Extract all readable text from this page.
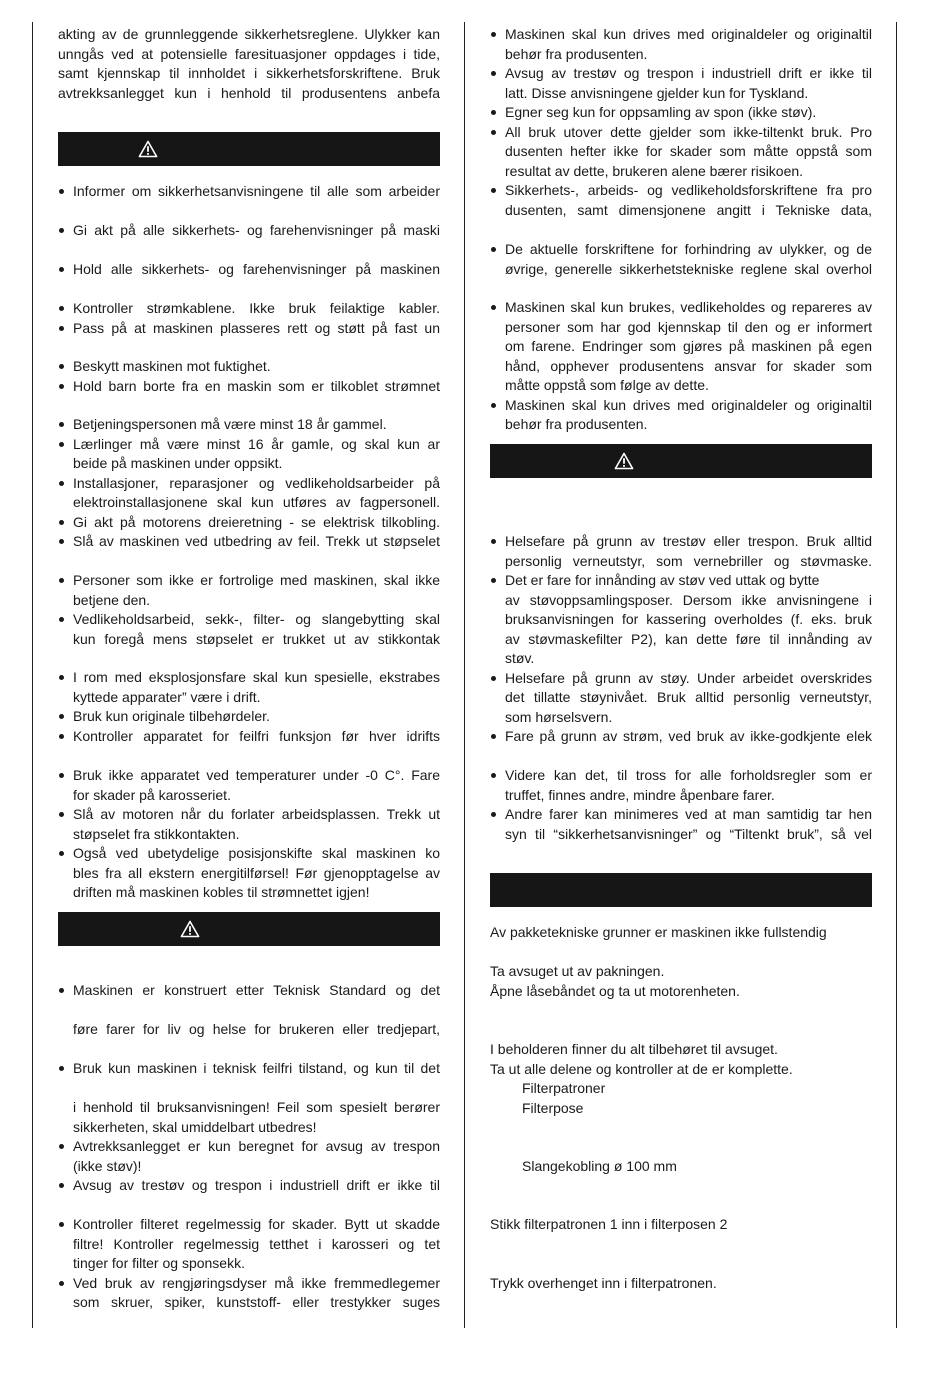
akting av de grunnleggende sikkerhetsreglene. Ulykker kan
unngås ved at potensielle faresituasjoner oppdages i tide,
samt kjennskap til innholdet i sikkerhetsforskriftene. Bruk
avtrekksanlegget kun i henhold til produsentens anbefa
Informer om sikkerhetsanvisningene til alle som arbeider
Gi akt på alle sikkerhets- og farehenvisninger på maski
Hold alle sikkerhets- og farehenvisninger på maskinen
Kontroller strømkablene. Ikke bruk feilaktige kabler.
Pass på at maskinen plasseres rett og støtt på fast un
Beskytt maskinen mot fuktighet.
Hold barn borte fra en maskin som er tilkoblet strømnet
Betjeningspersonen må være minst 18 år gammel.
Lærlinger må være minst 16 år gamle, og skal kun ar
beide på maskinen under oppsikt.
Installasjoner, reparasjoner og vedlikeholdsarbeider på
elektroinstallasjonene skal kun utføres av fagpersonell.
Gi akt på motorens dreieretning - se elektrisk tilkobling.
Slå av maskinen ved utbedring av feil. Trekk ut støpselet
Personer som ikke er fortrolige med maskinen, skal ikke
betjene den.
Vedlikeholdsarbeid, sekk-, filter- og slangebytting skal
kun foregå mens støpselet er trukket ut av stikkontak
I rom med eksplosjonsfare skal kun spesielle, ekstrabes
kyttede apparater” være i drift.
Bruk kun originale tilbehørdeler.
Kontroller apparatet for feilfri funksjon før hver idrifts
Bruk ikke apparatet ved temperaturer under -0 C°. Fare
for skader på karosseriet.
Slå av motoren når du forlater arbeidsplassen. Trekk ut
støpselet fra stikkontakten.
Også ved ubetydelige posisjonskifte skal maskinen ko
bles fra all ekstern energitilførsel! Før gjenopptagelse av
driften må maskinen kobles til strømnettet igjen!
Maskinen er konstruert etter Teknisk Standard og det
føre farer for liv og helse for brukeren eller tredjepart,
Bruk kun maskinen i teknisk feilfri tilstand, og kun til det
i henhold til bruksanvisningen! Feil som spesielt berører
sikkerheten, skal umiddelbart utbedres!
Avtrekksanlegget er kun beregnet for avsug av trespon
(ikke støv)!
Avsug av trestøv og trespon i industriell drift er ikke til
Kontroller filteret regelmessig for skader. Bytt ut skadde
filtre! Kontroller regelmessig tetthet i karosseri og tet
tinger for filter og sponsekk.
Ved bruk av rengjøringsdyser må ikke fremmedlegemer
som skruer, spiker, kunststoff- eller trestykker suges
Maskinen skal kun drives med originaldeler og originaltil
behør fra produsenten.
Avsug av trestøv og trespon i industriell drift er ikke til
latt. Disse anvisningene gjelder kun for Tyskland.
Egner seg kun for oppsamling av spon (ikke støv).
All bruk utover dette gjelder som ikke-tiltenkt bruk. Pro
dusenten hefter ikke for skader som måtte oppstå som
resultat av dette, brukeren alene bærer risikoen.
Sikkerhets-, arbeids- og vedlikeholdsforskriftene fra pro
dusenten, samt dimensjonene angitt i Tekniske data,
De aktuelle forskriftene for forhindring av ulykker, og de
øvrige, generelle sikkerhetstekniske reglene skal overhol
Maskinen skal kun brukes, vedlikeholdes og repareres av
personer som har god kjennskap til den og er informert
om farene. Endringer som gjøres på maskinen på egen
hånd, opphever produsentens ansvar for skader som
måtte oppstå som følge av dette.
Maskinen skal kun drives med originaldeler og originaltil
behør fra produsenten.
Helsefare på grunn av trestøv eller trespon. Bruk alltid
personlig verneutstyr, som vernebriller og støvmaske.
Det er fare for innånding av støv ved uttak og bytte
av støvoppsamlingsposer. Dersom ikke anvisningene i
bruksanvisningen for kassering overholdes (f. eks. bruk
av støvmaskefilter P2), kan dette føre til innånding av
støv.
Helsefare på grunn av støy. Under arbeidet overskrides
det tillatte støynivået. Bruk alltid personlig verneutstyr,
som hørselsvern.
Fare på grunn av strøm, ved bruk av ikke-godkjente elek
Videre kan det, til tross for alle forholdsregler som er
truffet, finnes andre, mindre åpenbare farer.
Andre farer kan minimeres ved at man samtidig tar hen
syn til “sikkerhetsanvisninger” og “Tiltenkt bruk”, så vel
Av pakketekniske grunner er maskinen ikke fullstendig
Ta avsuget ut av pakningen.
Åpne låsebåndet og ta ut motorenheten.
I beholderen finner du alt tilbehøret til avsuget.
Ta ut alle delene og kontroller at de er komplette.
Filterpatroner
Filterpose
Slangekobling ø 100 mm
Stikk filterpatronen 1 inn i filterposen 2
Trykk overhenget inn i filterpatronen.
